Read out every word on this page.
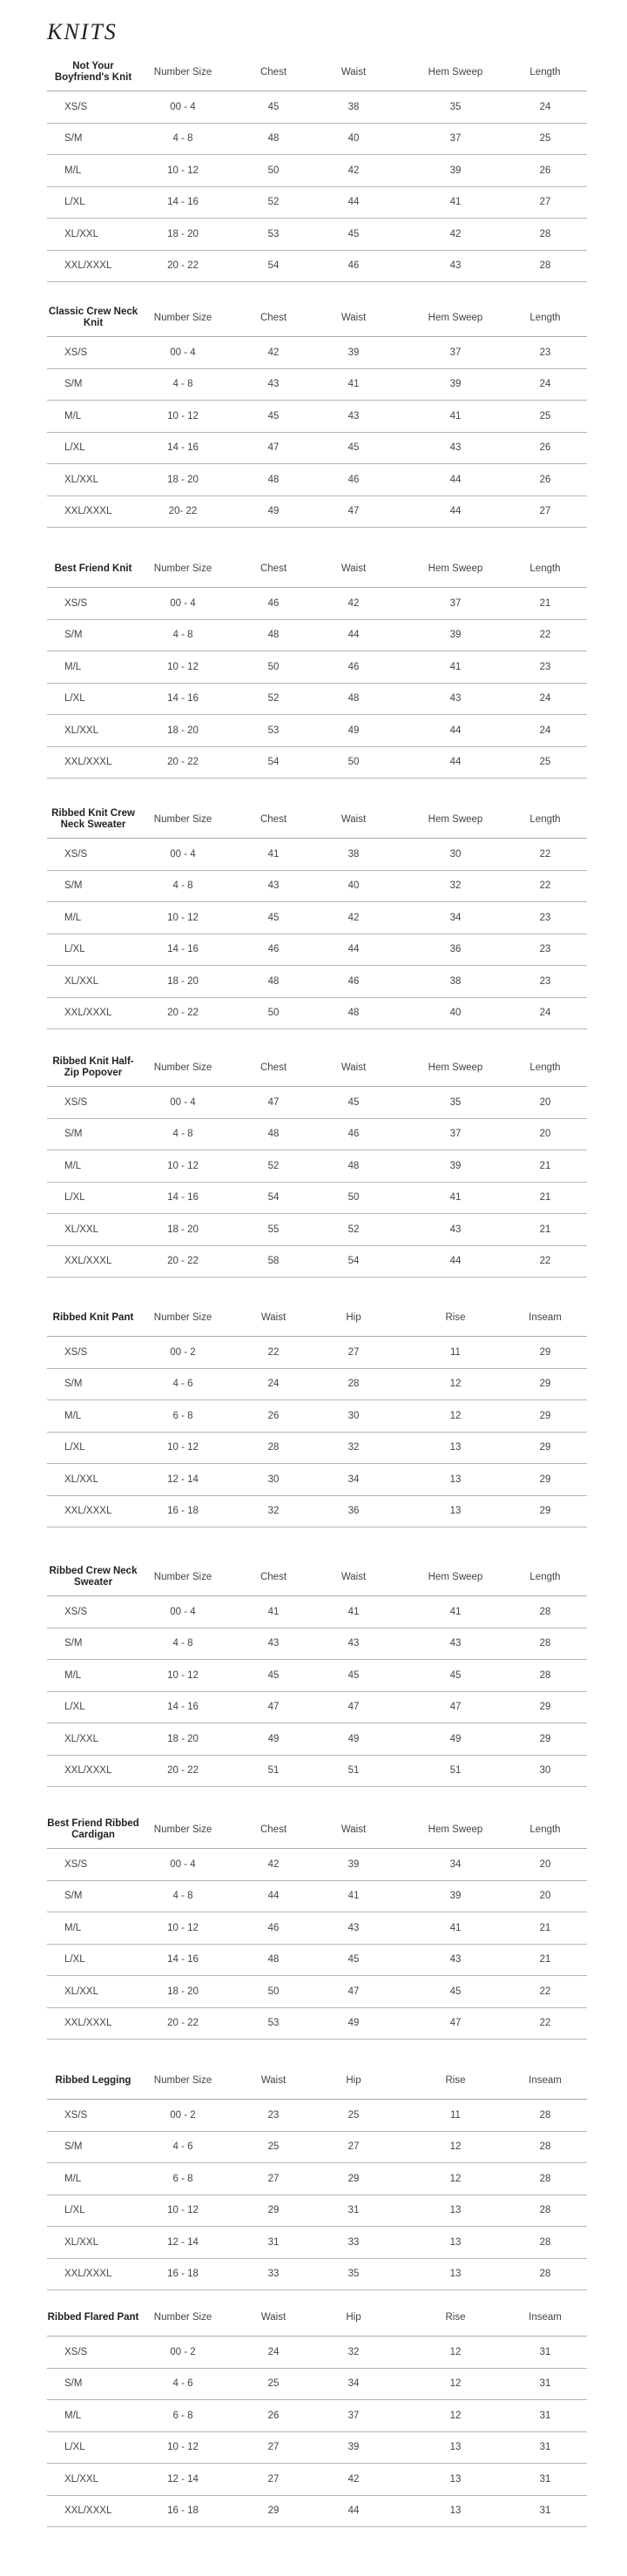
KNITS
Not Your Boyfriend's Knit	Number Size	Chest	Waist	Hem Sweep	Length
XS/S	00 - 4	45	38	35	24
S/M	4 - 8	48	40	37	25
M/L	10 - 12	50	42	39	26
L/XL	14 - 16	52	44	41	27
XL/XXL	18 - 20	53	45	42	28
XXL/XXXL	20 - 22	54	46	43	28
Classic Crew Neck Knit	Number Size	Chest	Waist	Hem Sweep	Length
XS/S	00 - 4	42	39	37	23
S/M	4 - 8	43	41	39	24
M/L	10 - 12	45	43	41	25
L/XL	14 - 16	47	45	43	26
XL/XXL	18 - 20	48	46	44	26
XXL/XXXL	20- 22	49	47	44	27
Best Friend Knit	Number Size	Chest	Waist	Hem Sweep	Length
XS/S	00 - 4	46	42	37	21
S/M	4 - 8	48	44	39	22
M/L	10 - 12	50	46	41	23
L/XL	14 - 16	52	48	43	24
XL/XXL	18 - 20	53	49	44	24
XXL/XXXL	20 - 22	54	50	44	25
Ribbed Knit Crew Neck Sweater	Number Size	Chest	Waist	Hem Sweep	Length
XS/S	00 - 4	41	38	30	22
S/M	4 - 8	43	40	32	22
M/L	10 - 12	45	42	34	23
L/XL	14 - 16	46	44	36	23
XL/XXL	18 - 20	48	46	38	23
XXL/XXXL	20 - 22	50	48	40	24
Ribbed Knit Half-Zip Popover	Number Size	Chest	Waist	Hem Sweep	Length
XS/S	00 - 4	47	45	35	20
S/M	4 - 8	48	46	37	20
M/L	10 - 12	52	48	39	21
L/XL	14 - 16	54	50	41	21
XL/XXL	18 - 20	55	52	43	21
XXL/XXXL	20 - 22	58	54	44	22
Ribbed Knit Pant	Number Size	Waist	Hip	Rise	Inseam
XS/S	00 - 2	22	27	11	29
S/M	4 - 6	24	28	12	29
M/L	6 - 8	26	30	12	29
L/XL	10 - 12	28	32	13	29
XL/XXL	12 - 14	30	34	13	29
XXL/XXXL	16 - 18	32	36	13	29
Ribbed Crew Neck Sweater	Number Size	Chest	Waist	Hem Sweep	Length
XS/S	00 - 4	41	41	41	28
S/M	4 - 8	43	43	43	28
M/L	10 - 12	45	45	45	28
L/XL	14 - 16	47	47	47	29
XL/XXL	18 - 20	49	49	49	29
XXL/XXXL	20 - 22	51	51	51	30
Best Friend Ribbed Cardigan	Number Size	Chest	Waist	Hem Sweep	Length
XS/S	00 - 4	42	39	34	20
S/M	4 - 8	44	41	39	20
M/L	10 - 12	46	43	41	21
L/XL	14 - 16	48	45	43	21
XL/XXL	18 - 20	50	47	45	22
XXL/XXXL	20 - 22	53	49	47	22
Ribbed Legging	Number Size	Waist	Hip	Rise	Inseam
XS/S	00 - 2	23	25	11	28
S/M	4 - 6	25	27	12	28
M/L	6 - 8	27	29	12	28
L/XL	10 - 12	29	31	13	28
XL/XXL	12 - 14	31	33	13	28
XXL/XXXL	16 - 18	33	35	13	28
Ribbed Flared Pant	Number Size	Waist	Hip	Rise	Inseam
XS/S	00 - 2	24	32	12	31
S/M	4 - 6	25	34	12	31
M/L	6 - 8	26	37	12	31
L/XL	10 - 12	27	39	13	31
XL/XXL	12 - 14	27	42	13	31
XXL/XXXL	16 - 18	29	44	13	31
